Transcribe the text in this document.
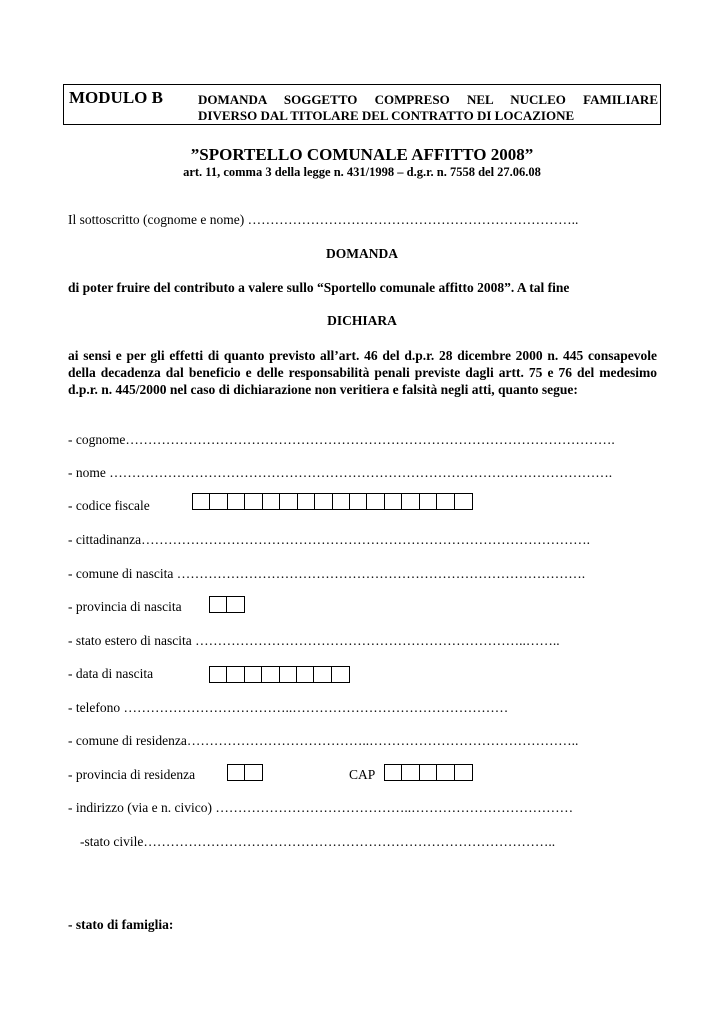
MODULO B	DOMANDA SOGGETTO COMPRESO NEL NUCLEO FAMILIARE
DIVERSO DAL TITOLARE DEL CONTRATTO DI LOCAZIONE
”SPORTELLO COMUNALE AFFITTO 2008”
art. 11, comma 3 della legge n. 431/1998 – d.g.r. n. 7558 del 27.06.08
Il sottoscritto (cognome e nome) ………………………………………………………………..
DOMANDA
di poter fruire del contributo a valere sullo “Sportello comunale affitto 2008”. A tal fine
DICHIARA
ai sensi e per gli effetti di quanto previsto all’art. 46 del d.p.r. 28 dicembre 2000 n. 445 consapevole della decadenza dal beneficio e delle responsabilità penali previste dagli artt. 75 e 76 del medesimo d.p.r. n. 445/2000 nel caso di dichiarazione non veritiera e falsità negli atti, quanto segue:
- cognome……………………………………………………………………………………………….
- nome ………………………………………………………………………………………………….
- codice fiscale
- cittadinanza……………………………………………………………………………………….
- comune di nascita ……………………………………………………………………………….
- provincia di nascita
- stato estero di nascita ………………………………………………………………..……..
- data di nascita
- telefono ………………………………..…………………………………………
- comune di residenza…………………………………..………………………………………..
- provincia di residenza	CAP
- indirizzo (via e n. civico) ……………………………………..………………………………
-stato civile………………………………………………………………………………..
- stato di famiglia:
